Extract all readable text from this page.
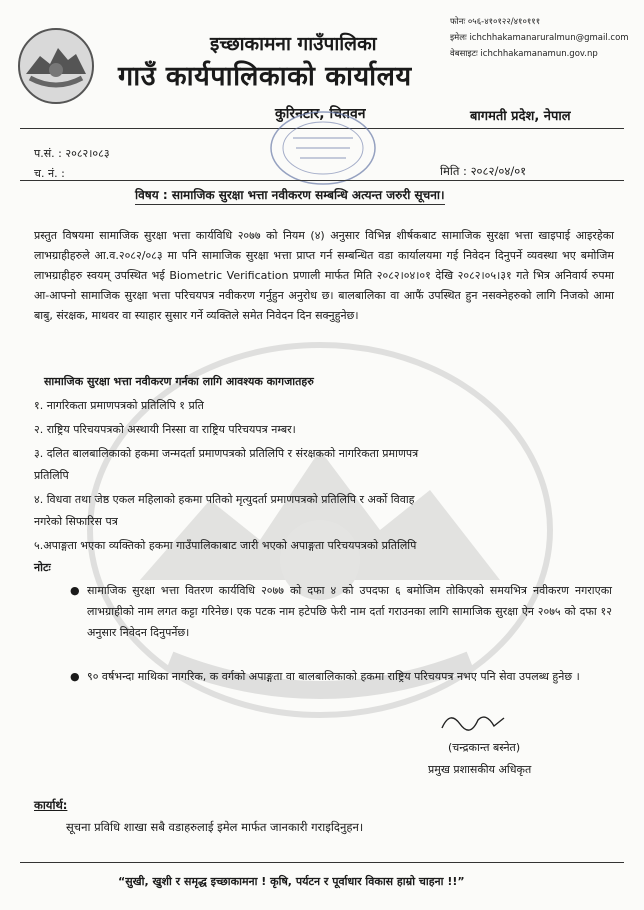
फोनः ०५६-४१०१२२/४१०१११
इमेलः ichchhakamanaruralmun@gmail.com
वेबसाइटः ichchhakamanamun.gov.np
इच्छाकामना गाउँपालिका
गाउँ कार्यपालिकाको कार्यालय
कुरिनटार, चितवन	बागमती प्रदेश, नेपाल
प.सं. : २०८२।०८३
च. नं. :	मिति : २०८२/०४/०१
विषय : सामाजिक सुरक्षा भत्ता नवीकरण सम्बन्धि अत्यन्त जरुरी सूचना।
प्रस्तुत विषयमा सामाजिक सुरक्षा भत्ता कार्यविधि २०७७ को नियम (४) अनुसार विभिन्न शीर्षकबाट सामाजिक सुरक्षा भत्ता खाइपाई आइरहेका लाभग्राहीहरुले आ.व.२०८२/०८३ मा पनि सामाजिक सुरक्षा भत्ता प्राप्त गर्न सम्बन्धित वडा कार्यालयमा गई निवेदन दिनुपर्ने व्यवस्था भए बमोजिम लाभग्राहीहरु स्वयम् उपस्थित भई Biometric Verification प्रणाली मार्फत मिति २०८२।०४।०१ देखि २०८२।०५।३१ गते भित्र अनिवार्य रुपमा आ-आफ्नो सामाजिक सुरक्षा भत्ता परिचयपत्र नवीकरण गर्नुहुन अनुरोध छ। बालबालिका वा आफैं उपस्थित हुन नसक्नेहरुको लागि निजको आमा बाबु, संरक्षक, माथवर वा स्याहार सुसार गर्ने व्यक्तिले समेत निवेदन दिन सक्नुहुनेछ।
सामाजिक सुरक्षा भत्ता नवीकरण गर्नका लागि आवश्यक कागजातहरु
१. नागरिकता प्रमाणपत्रको प्रतिलिपि १ प्रति
२. राष्ट्रिय परिचयपत्रको अस्थायी निस्सा वा राष्ट्रिय परिचयपत्र नम्बर।
३. दलित बालबालिकाको हकमा जन्मदर्ता प्रमाणपत्रको प्रतिलिपि र संरक्षकको नागरिकता प्रमाणपत्र
प्रतिलिपि
४. विधवा तथा जेष्ठ एकल महिलाको हकमा पतिको मृत्युदर्ता प्रमाणपत्रको प्रतिलिपि र अर्को विवाह
नगरेको सिफारिस पत्र
५.अपाङ्गता भएका व्यक्तिको हकमा गाउँपालिकाबाट जारी भएको अपाङ्गता परिचयपत्रको प्रतिलिपि
नोटः
● सामाजिक सुरक्षा भत्ता वितरण कार्यविधि २०७७ को दफा ४ को उपदफा ६ बमोजिम तोकिएको समयभित्र नवीकरण नगराएका लाभग्राहीको नाम लगत कट्टा गरिनेछ। एक पटक नाम हटेपछि फेरी नाम दर्ता गराउनका लागि सामाजिक सुरक्षा ऐन २०७५ को दफा १२ अनुसार निवेदन दिनुपर्नेछ।
● ९० वर्षभन्दा माथिका नागरिक, क वर्गको अपाङ्गता वा बालबालिकाको हकमा राष्ट्रिय परिचयपत्र नभए पनि सेवा उपलब्ध हुनेछ ।
(चन्द्रकान्त बस्नेत)
प्रमुख प्रशासकीय अधिकृत
कार्यार्थ:
सूचना प्रविधि शाखा सबै वडाहरुलाई इमेल मार्फत जानकारी गराइदिनुहन।
“सुखी, खुशी र समृद्ध इच्छाकामना ! कृषि, पर्यटन र पूर्वाधार विकास हाम्रो चाहना !!”
